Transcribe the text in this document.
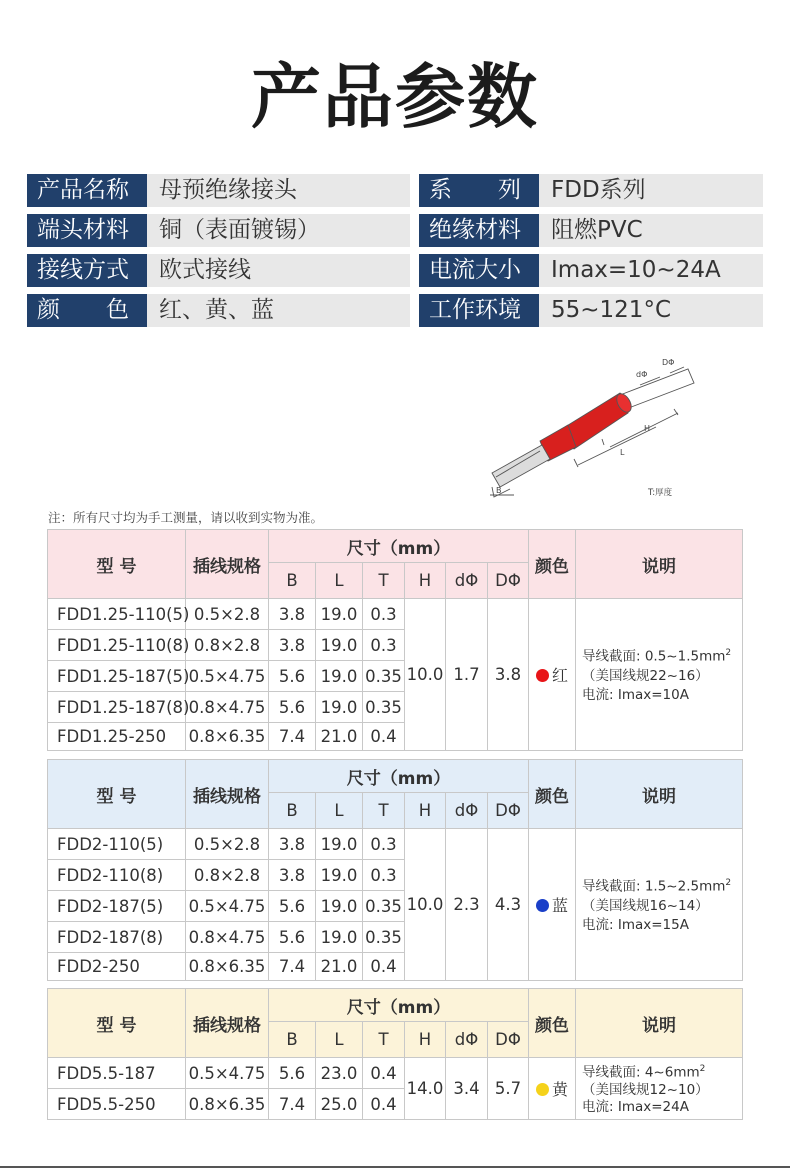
产品参数
产品名称	母预绝缘接头	系　　列	FDD系列
端头材料	铜（表面镀锡）	绝缘材料	阻燃PVC
接线方式	欧式接线	电流大小	Imax=10~24A
颜　　色	红、黄、蓝	工作环境	55~121°C
DΦ
dΦ
H
L
B	T:厚度
注：所有尺寸均为手工测量，请以收到实物为准。
型 号	插线规格	尺寸（mm）						颜色	说明
		B	L	T	H	dΦ	DΦ		
FDD1.25-110(5)	0.5×2.8	3.8	19.0	0.3	10.0	1.7	3.8	红	导线截面: $0.5\sim 1.5mm^2$
（美国线规22~16）
电流: Imax=10A

FDD1.25-110(8)	0.8×2.8	3.8	19.0	0.3					
FDD1.25-187(5)	0.5×4.75	5.6	19.0	0.35					
FDD1.25-187(8)	0.8×4.75	5.6	19.0	0.35					
FDD1.25-250	0.8×6.35	7.4	21.0	0.4					
型 号	插线规格	尺寸（mm）						颜色	说明
		B	L	T	H	dΦ	DΦ		
FDD2-110(5)	0.5×2.8	3.8	19.0	0.3	10.0	2.3	4.3	蓝	导线截面: $1.5\sim 2.5mm^2$
（美国线规16~14）
电流: Imax=15A

FDD2-110(8)	0.8×2.8	3.8	19.0	0.3					
FDD2-187(5)	0.5×4.75	5.6	19.0	0.35					
FDD2-187(8)	0.8×4.75	5.6	19.0	0.35					
FDD2-250	0.8×6.35	7.4	21.0	0.4					
型 号	插线规格	尺寸（mm）						颜色	说明
		B	L	T	H	dΦ	DΦ		
FDD5.5-187	0.5×4.75	5.6	23.0	0.4	14.0	3.4	5.7	黄	导线截面: $4\sim 6mm^2$
（美国线规12~10）
电流: Imax=24A

FDD5.5-250	0.8×6.35	7.4	25.0	0.4					
